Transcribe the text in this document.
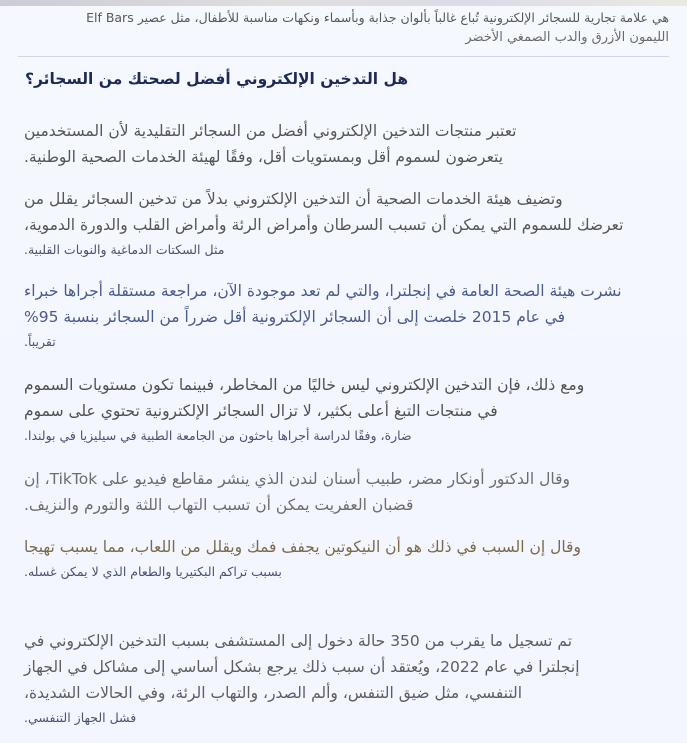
هي علامة تجارية للسجائر الإلكترونية تُباع غالباً بألوان جذابة وبأسماء ونكهات مناسبة للأطفال، مثل عصير Elf Bars
الليمون الأزرق والدب الصمغي الأخضر
هل التدخين الإلكتروني أفضل لصحتك من السجائر؟
تعتبر منتجات التدخين الإلكتروني أفضل من السجائر التقليدية لأن المستخدمين
يتعرضون لسموم أقل وبمستويات أقل، وفقًا لهيئة الخدمات الصحية الوطنية.
وتضيف هيئة الخدمات الصحية أن التدخين الإلكتروني بدلاً من تدخين السجائر يقلل من
تعرضك للسموم التي يمكن أن تسبب السرطان وأمراض الرئة وأمراض القلب والدورة الدموية،
مثل السكتات الدماغية والنوبات القلبية.
نشرت هيئة الصحة العامة في إنجلترا، والتي لم تعد موجودة الآن، مراجعة مستقلة أجراها خبراء
في عام 2015 خلصت إلى أن السجائر الإلكترونية أقل ضرراً من السجائر بنسبة 95%
تقريباً.
ومع ذلك، فإن التدخين الإلكتروني ليس خاليًا من المخاطر، فبينما تكون مستويات السموم
في منتجات التبغ أعلى بكثير، لا تزال السجائر الإلكترونية تحتوي على سموم
ضارة، وفقًا لدراسة أجراها باحثون من الجامعة الطبية في سيليزيا في بولندا.
وقال الدكتور أونكار مضر، طبيب أسنان لندن الذي ينشر مقاطع فيديو على TikTok، إن
قضبان العفريت يمكن أن تسبب التهاب اللثة والتورم والنزيف.
وقال إن السبب في ذلك هو أن النيكوتين يجفف فمك ويقلل من اللعاب، مما يسبب تهيجا
بسبب تراكم البكتيريا والطعام الذي لا يمكن غسله.
تم تسجيل ما يقرب من 350 حالة دخول إلى المستشفى بسبب التدخين الإلكتروني في
إنجلترا في عام 2022، ويُعتقد أن سبب ذلك يرجع بشكل أساسي إلى مشاكل في الجهاز
التنفسي، مثل ضيق التنفس، وألم الصدر، والتهاب الرئة، وفي الحالات الشديدة،
فشل الجهاز التنفسي.
